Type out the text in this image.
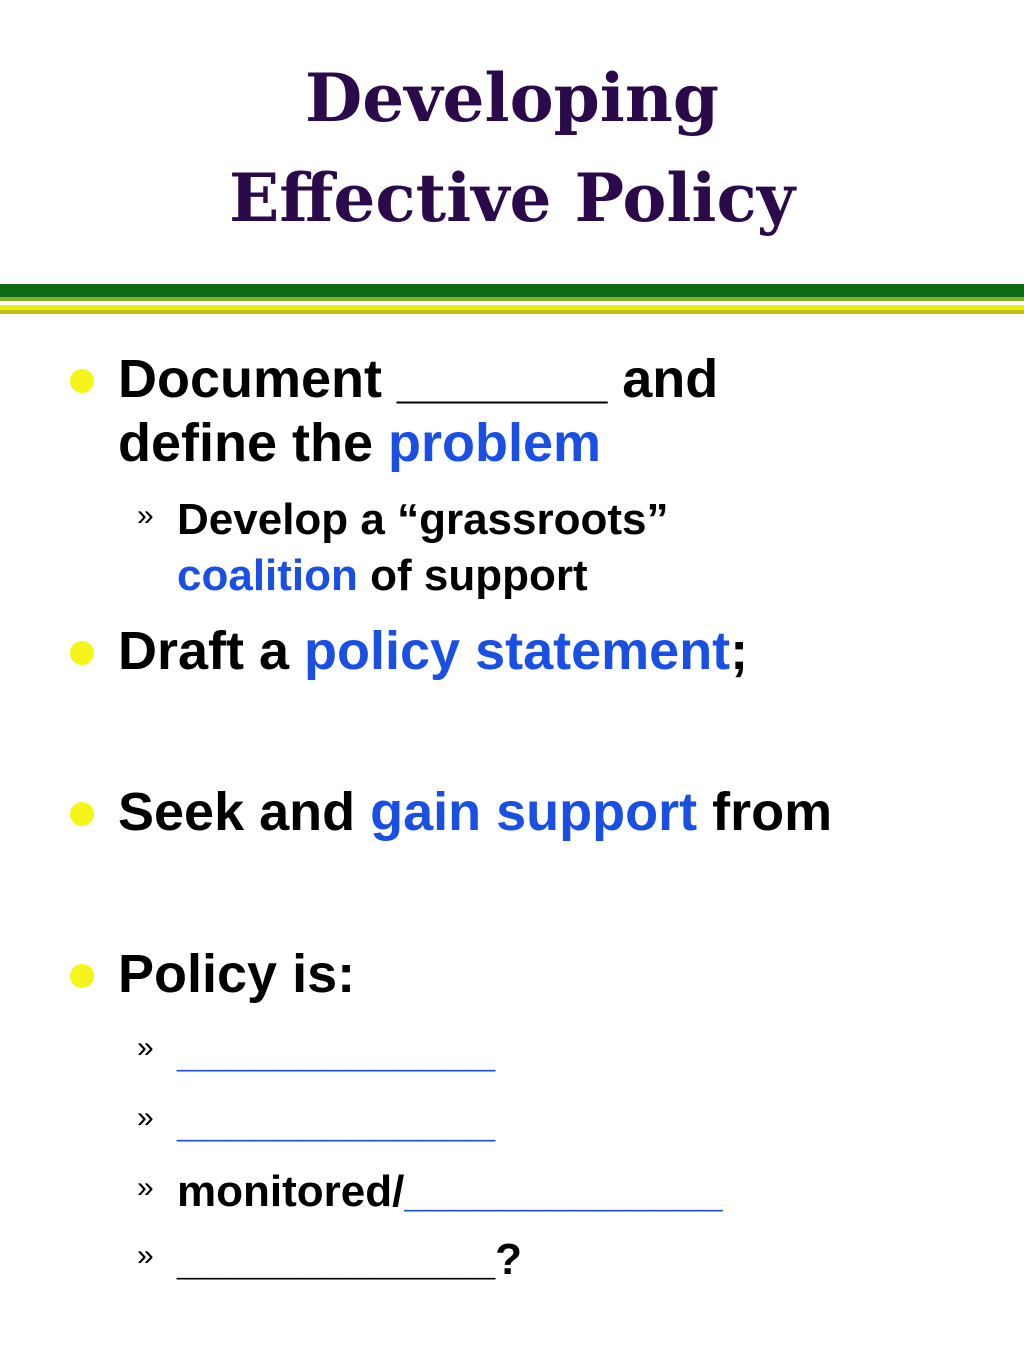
Developing
Effective Policy
Document _______ and
define the problem
» Develop a “grassroots”
coalition of support
Draft a policy statement;
Seek and gain support from
Policy is:
» _____________
» _____________
» monitored/_____________
» _____________?
